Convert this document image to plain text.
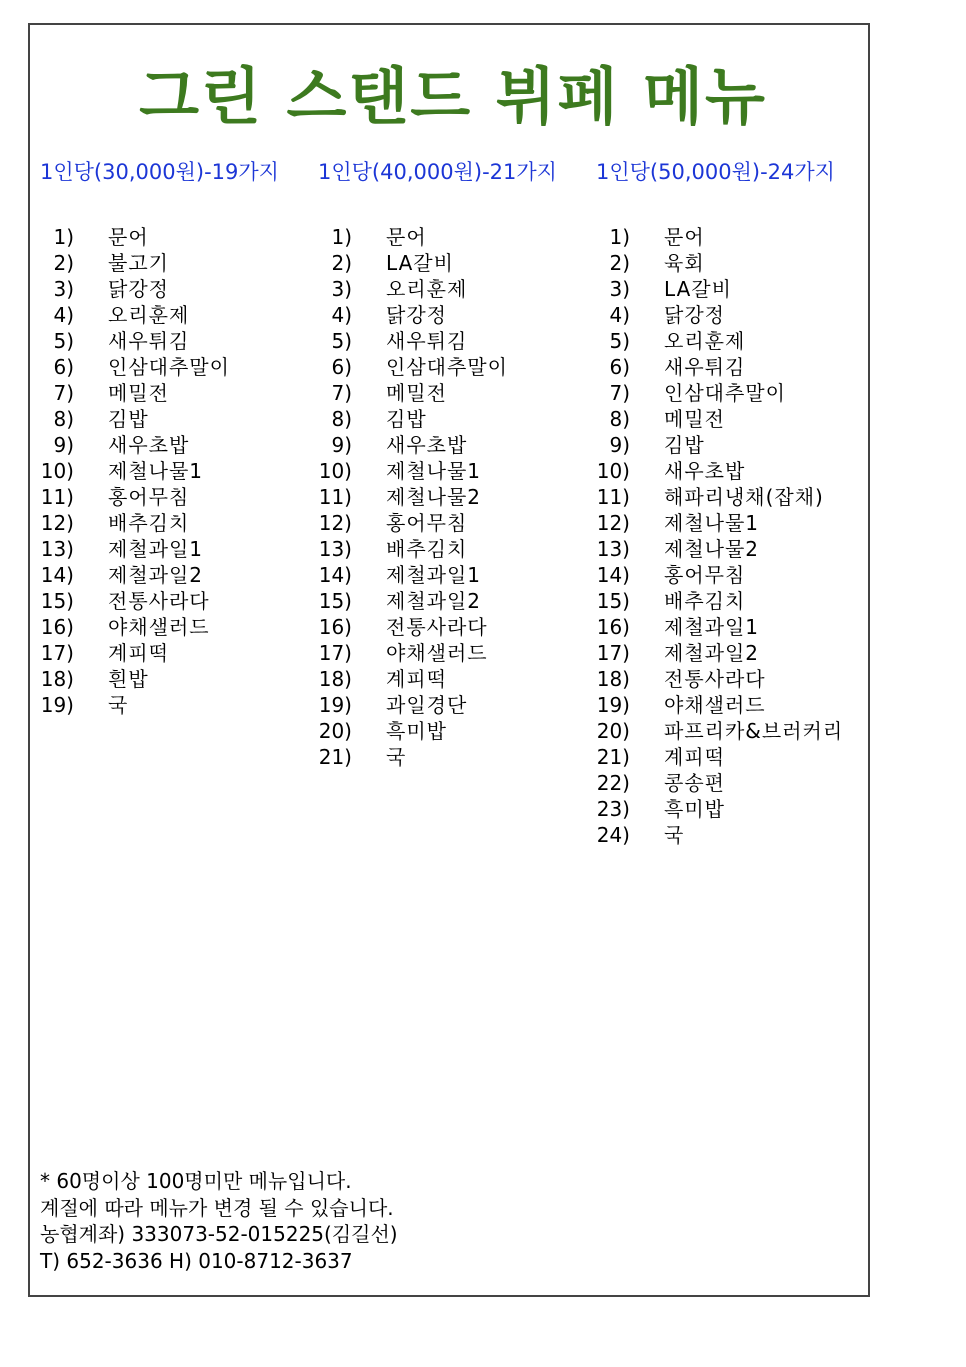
그린 스탠드 뷔페 메뉴
1인당(30,000원)-19가지
1) 문어
2) 불고기
3) 닭강정
4) 오리훈제
5) 새우튀김
6) 인삼대추말이
7) 메밀전
8) 김밥
9) 새우초밥
10) 제철나물1
11) 홍어무침
12) 배추김치
13) 제철과일1
14) 제철과일2
15) 전통사라다
16) 야채샐러드
17) 계피떡
18) 흰밥
19) 국
1인당(40,000원)-21가지
1) 문어
2) LA갈비
3) 오리훈제
4) 닭강정
5) 새우튀김
6) 인삼대추말이
7) 메밀전
8) 김밥
9) 새우초밥
10) 제철나물1
11) 제철나물2
12) 홍어무침
13) 배추김치
14) 제철과일1
15) 제철과일2
16) 전통사라다
17) 야채샐러드
18) 계피떡
19) 과일경단
20) 흑미밥
21) 국
1인당(50,000원)-24가지
1) 문어
2) 육회
3) LA갈비
4) 닭강정
5) 오리훈제
6) 새우튀김
7) 인삼대추말이
8) 메밀전
9) 김밥
10) 새우초밥
11) 해파리냉채(잡채)
12) 제철나물1
13) 제철나물2
14) 홍어무침
15) 배추김치
16) 제철과일1
17) 제철과일2
18) 전통사라다
19) 야채샐러드
20) 파프리카&브러커리
21) 계피떡
22) 콩송편
23) 흑미밥
24) 국
* 60명이상 100명미만 메뉴입니다.
계절에 따라 메뉴가 변경 될 수 있습니다.
농협계좌) 333073-52-015225(김길선)
T) 652-3636 H) 010-8712-3637
